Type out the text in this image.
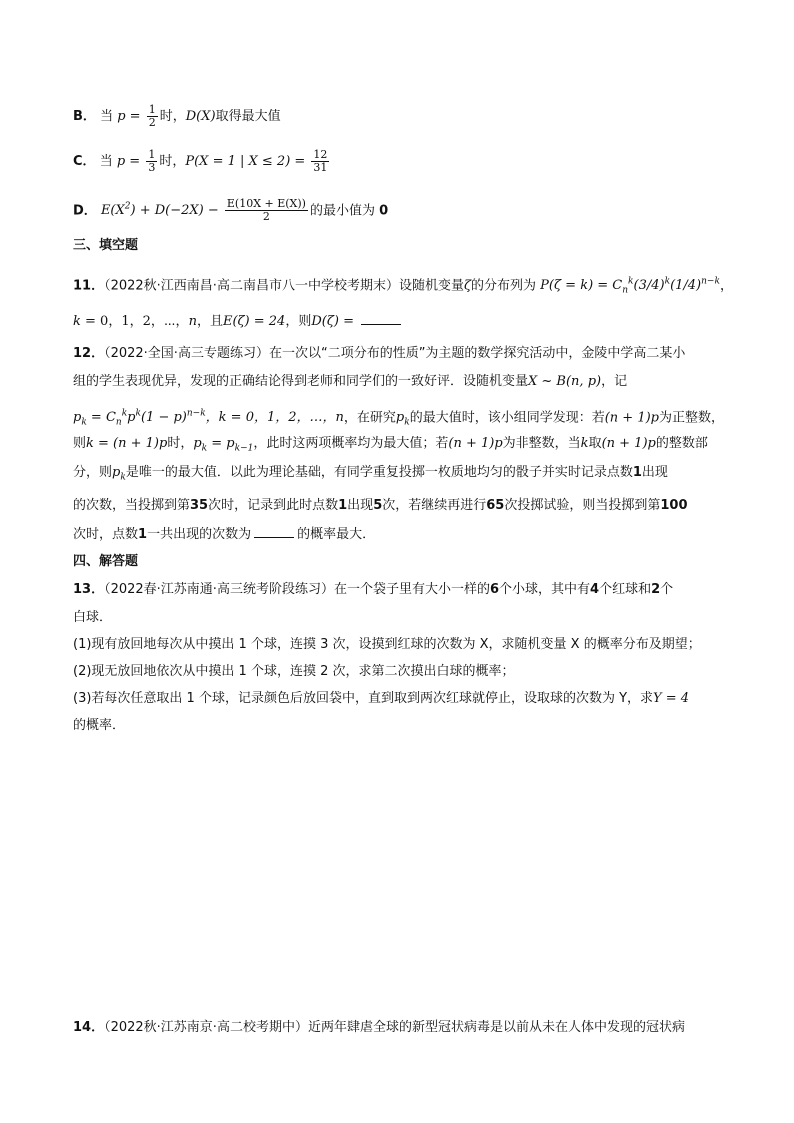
B． 当 $p = \frac{1}{2}$ 时，D(X)取得最大值
C． 当 $p = \frac{1}{3}$ 时，P(X = 1 | $X \le 2) = \frac{12}{31}$
D． $E(X^2) + D(-2X) - \frac{E(10X + E(X))}{2}$ 的最小值为 0
三、填空题
11．（2022秋·江西南昌·高二南昌市八一中学校考期末）设随机变量ζ的分布列为 $P(\zeta = k) = C_n^k(3/4)^k(1/4)^{n-k}$，
k = 0，1，2，⋯，n，且E(ζ) = 24，则D(ζ) =
12．（2022·全国·高三专题练习）在一次以“二项分布的性质”为主题的数学探究活动中，金陵中学高二某小
组的学生表现优异，发现的正确结论得到老师和同学们的一致好评．设随机变量X ~ B(n, p)，记
$p_k = C_n^kp^k(1 - p)^{n-k}$，k = 0，1，2，…，n，在研究$p_k$的最大值时，该小组同学发现：若(n + 1)p为正整数，
则k = (n + 1)p时，$p_k = p_{k-1}$，此时这两项概率均为最大值；若(n + 1)p为非整数，当k取(n + 1)p的整数部
分，则$p_k$是唯一的最大值．以此为理论基础，有同学重复投掷一枚质地均匀的骰子并实时记录点数1出现
的次数，当投掷到第35次时，记录到此时点数1出现5次，若继续再进行65次投掷试验，则当投掷到第100
次时，点数1一共出现的次数为	的概率最大．
四、解答题
13．（2022春·江苏南通·高三统考阶段练习）在一个袋子里有大小一样的6个小球，其中有4个红球和2个
白球．
(1)现有放回地每次从中摸出 1 个球，连摸 3 次，设摸到红球的次数为 X，求随机变量 X 的概率分布及期望；
(2)现无放回地依次从中摸出 1 个球，连摸 2 次，求第二次摸出白球的概率；
(3)若每次任意取出 1 个球，记录颜色后放回袋中，直到取到两次红球就停止，设取球的次数为 Y，求Y = 4
的概率．
14．（2022秋·江苏南京·高二校考期中）近两年肆虐全球的新型冠状病毒是以前从未在人体中发现的冠状病
